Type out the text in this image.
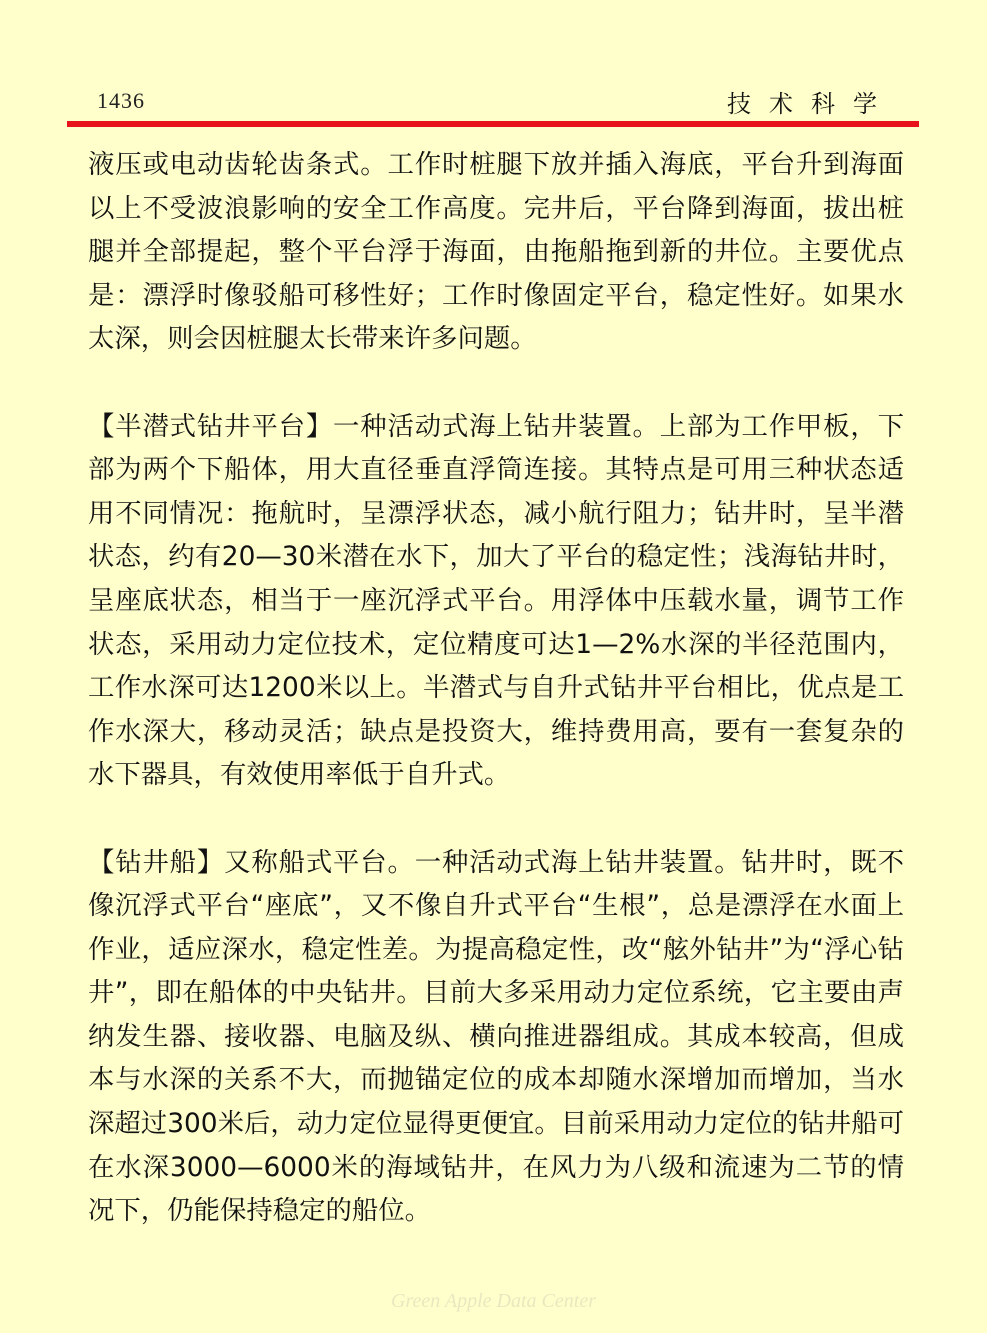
1436	技术科学

液压或电动齿轮齿条式。工作时桩腿下放并插入海底，平台升到海面以上不受波浪影响的安全工作高度。完井后，平台降到海面，拔出桩腿并全部提起，整个平台浮于海面，由拖船拖到新的井位。主要优点是：漂浮时像驳船可移性好；工作时像固定平台，稳定性好。如果水太深，则会因桩腿太长带来许多问题。

【半潜式钻井平台】一种活动式海上钻井装置。上部为工作甲板，下部为两个下船体，用大直径垂直浮筒连接。其特点是可用三种状态适用不同情况：拖航时，呈漂浮状态，减小航行阻力；钻井时，呈半潜状态，约有20—30米潜在水下，加大了平台的稳定性；浅海钻井时，呈座底状态，相当于一座沉浮式平台。用浮体中压载水量，调节工作状态，采用动力定位技术，定位精度可达1—2%水深的半径范围内，工作水深可达1200米以上。半潜式与自升式钻井平台相比，优点是工作水深大，移动灵活；缺点是投资大，维持费用高，要有一套复杂的水下器具，有效使用率低于自升式。

【钻井船】又称船式平台。一种活动式海上钻井装置。钻井时，既不像沉浮式平台“座底”，又不像自升式平台“生根”，总是漂浮在水面上作业，适应深水，稳定性差。为提高稳定性，改“舷外钻井”为“浮心钻井”，即在船体的中央钻井。目前大多采用动力定位系统，它主要由声纳发生器、接收器、电脑及纵、横向推进器组成。其成本较高，但成本与水深的关系不大，而抛锚定位的成本却随水深增加而增加，当水深超过300米后，动力定位显得更便宜。目前采用动力定位的钻井船可在水深3000—6000米的海域钻井，在风力为八级和流速为二节的情况下，仍能保持稳定的船位。

Green Apple Data Center
